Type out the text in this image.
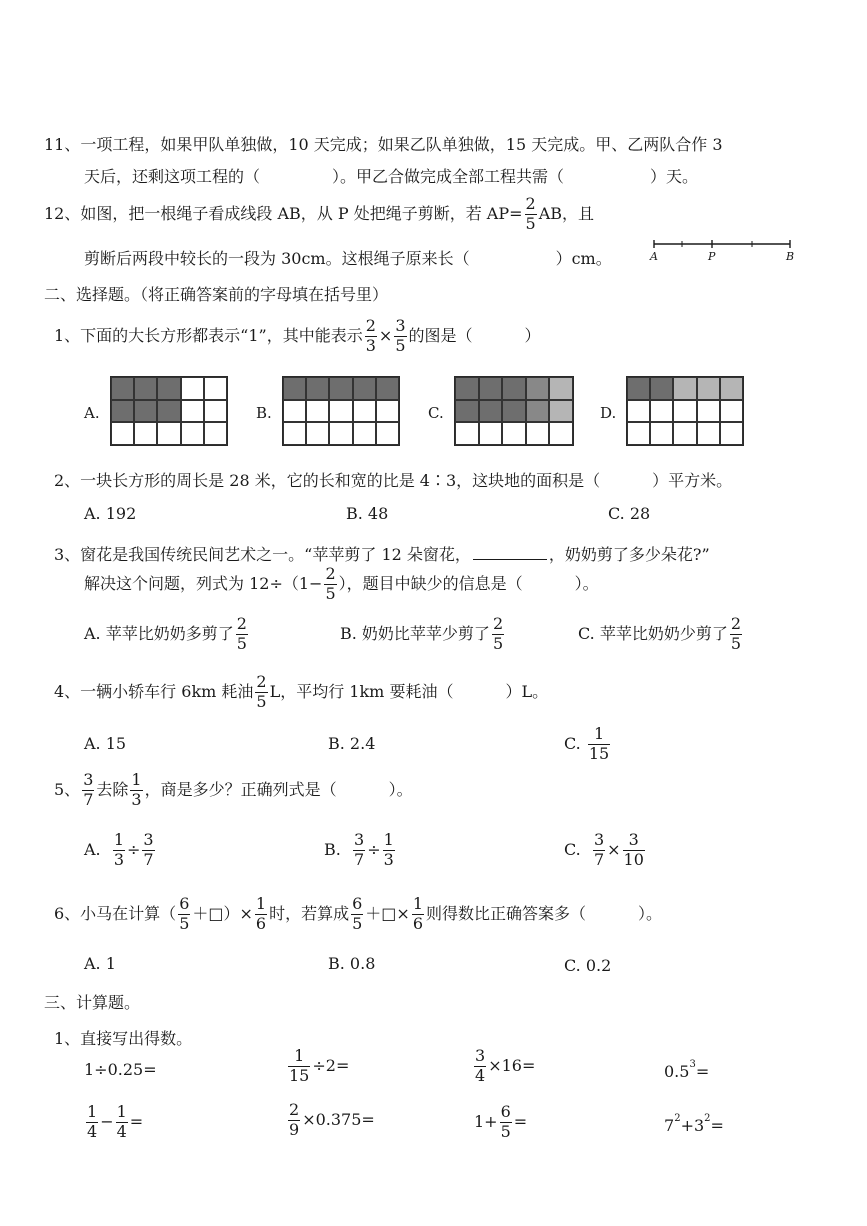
11、一项工程，如果甲队单独做，10 天完成；如果乙队单独做，15 天完成。甲、乙两队合作 3
天后，还剩这项工程的（	）。甲乙合做完成全部工程共需（	）天。
12、如图，把一根绳子看成线段 AB，从 P 处把绳子剪断，若 $AP= \frac{2}{5}$ AB，且
剪断后两段中较长的一段为 30cm。这根绳子原来长（	）cm。	A	P	B
二、选择题。（将正确答案前的字母填在括号里）
1、下面的大长方形都表示“1”，其中能表示 $\frac{2}{3} \times \frac{3}{5}$ 的图是（	）
A.	B.	C.	D.
2、一块长方形的周长是 28 米，它的长和宽的比是 4∶3，这块地的面积是（	）平方米。
A. 192	B. 48	C. 28
3、窗花是我国传统民间艺术之一。“苹苹剪了 12 朵窗花，	，奶奶剪了多少朵花?”
解决这个问题，列式为 $12\div(1- \frac{2}{5}$ ），题目中缺少的信息是（	）。
A. 苹苹比奶奶多剪了 $\frac{2}{5}$	B. 奶奶比苹苹少剪了 $\frac{2}{5}$	C. 苹苹比奶奶少剪了 $\frac{2}{5}$
4、一辆小轿车行 6km 耗油 $\frac{2}{5}$ L，平均行 1km 要耗油（	）L。
A. 15	B. 2.4	C. $\frac{1}{15}$
5、 $\frac{3}{7}$ 去除 $\frac{1}{3}$ ，商是多少？正确列式是（	）。
A. $\frac{1}{3} \div \frac{3}{7}$	B. $\frac{3}{7} \div \frac{1}{3}$	C. $\frac{3}{7} \times \frac{3}{10}$
6、小马在计算（ $\frac{6}{5}$ ＋□）× $\frac{1}{6}$ 时，若算成 $\frac{6}{5}$ ＋□× $\frac{1}{6}$ 则得数比正确答案多（	）。
A. 1	B. 0.8	C. 0.2
三、计算题。
1、直接写出得数。
1÷0.25=	$\frac{1}{15} \div 2=$	$\frac{3}{4} \times 16=$	$0.5^3=$
$\frac{1}{4} - \frac{1}{4}$ =	$\frac{2}{9} \times 0.375=$	$1+ \frac{6}{5}$ =	$7^2+3^2=$
